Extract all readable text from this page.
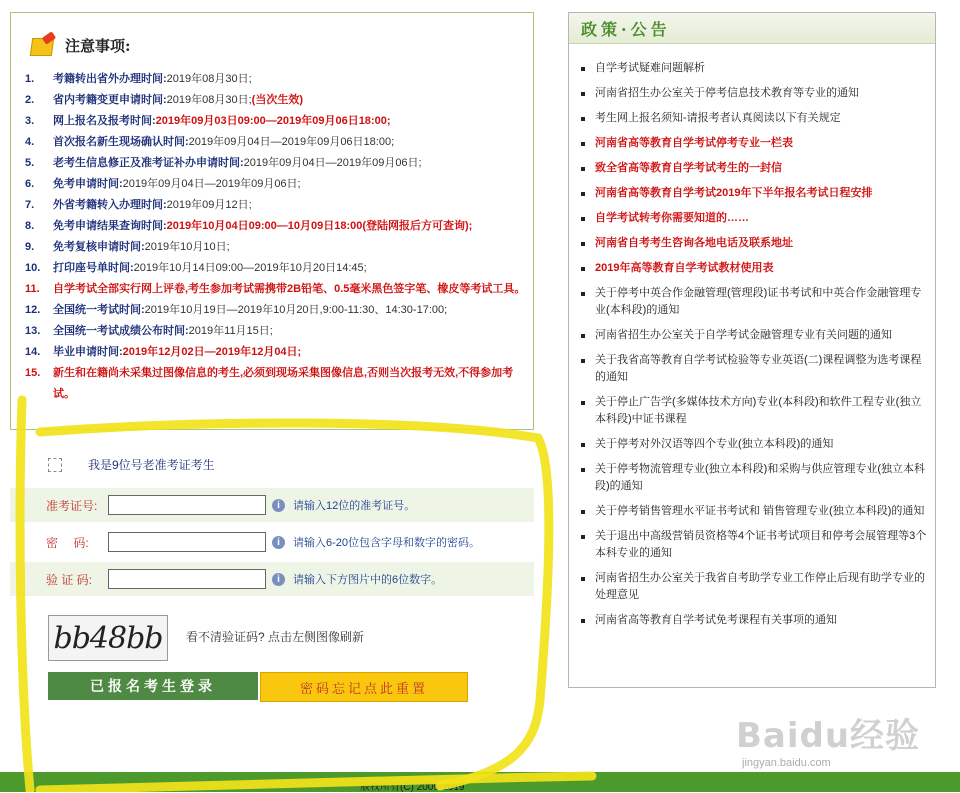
注意事项:
1.	考籍转出省外办理时间:2019年08月30日;
2.	省内考籍变更申请时间:2019年08月30日;(当次生效)
3.	网上报名及报考时间:2019年09月03日09:00—2019年09月06日18:00;
4.	首次报名新生现场确认时间:2019年09月04日—2019年09月06日18:00;
5.	老考生信息修正及准考证补办申请时间:2019年09月04日—2019年09月06日;
6.	免考申请时间:2019年09月04日—2019年09月06日;
7.	外省考籍转入办理时间:2019年09月12日;
8.	免考申请结果查询时间:2019年10月04日09:00—10月09日18:00(登陆网报后方可查询);
9.	免考复核申请时间:2019年10月10日;
10.	打印座号单时间:2019年10月14日09:00—2019年10月20日14:45;
11.	自学考试全部实行网上评卷,考生参加考试需携带2B铅笔、0.5毫米黑色签字笔、橡皮等考试工具。
12.	全国统一考试时间:2019年10月19日—2019年10月20日,9:00-11:30、14:30-17:00;
13.	全国统一考试成绩公布时间:2019年11月15日;
14.	毕业申请时间:2019年12月02日—2019年12月04日;
15.	新生和在籍尚未采集过图像信息的考生,必须到现场采集图像信息,否则当次报考无效,不得参加考试。
我是9位号老准考证考生
准考证号:	i	请输入12位的准考证号。
密　 码:	i	请输入6-20位包含字母和数字的密码。
验 证 码:	i	请输入下方图片中的6位数字。
bb48bb	看不清验证码? 点击左侧图像刷新
已报名考生登录	密码忘记点此重置
政策·公告
自学考试疑难问题解析
河南省招生办公室关于停考信息技术教育等专业的通知
考生网上报名须知-请报考者认真阅读以下有关规定
河南省高等教育自学考试停考专业一栏表
致全省高等教育自学考试考生的一封信
河南省高等教育自学考试2019年下半年报名考试日程安排
自学考试转考你需要知道的……
河南省自考考生咨询各地电话及联系地址
2019年高等教育自学考试教材使用表
关于停考中英合作金融管理(管理段)证书考试和中英合作金融管理专业(本科段)的通知
河南省招生办公室关于自学考试金融管理专业有关问题的通知
关于我省高等教育自学考试检验等专业英语(二)课程调整为选考课程的通知
关于停止广告学(多媒体技术方向)专业(本科段)和软件工程专业(独立本科段)中证书课程
关于停考对外汉语等四个专业(独立本科段)的通知
关于停考物流管理专业(独立本科段)和采购与供应管理专业(独立本科段)的通知
关于停考销售管理水平证书考试和 销售管理专业(独立本科段)的通知
关于退出中高级营销员资格等4个证书考试项目和停考会展管理等3个本科专业的通知
河南省招生办公室关于我省自考助学专业工作停止后现有助学专业的处理意见
河南省高等教育自学考试免考课程有关事项的通知
版权所有(C) 2009-2019
Baidu经验
jingyan.baidu.com
